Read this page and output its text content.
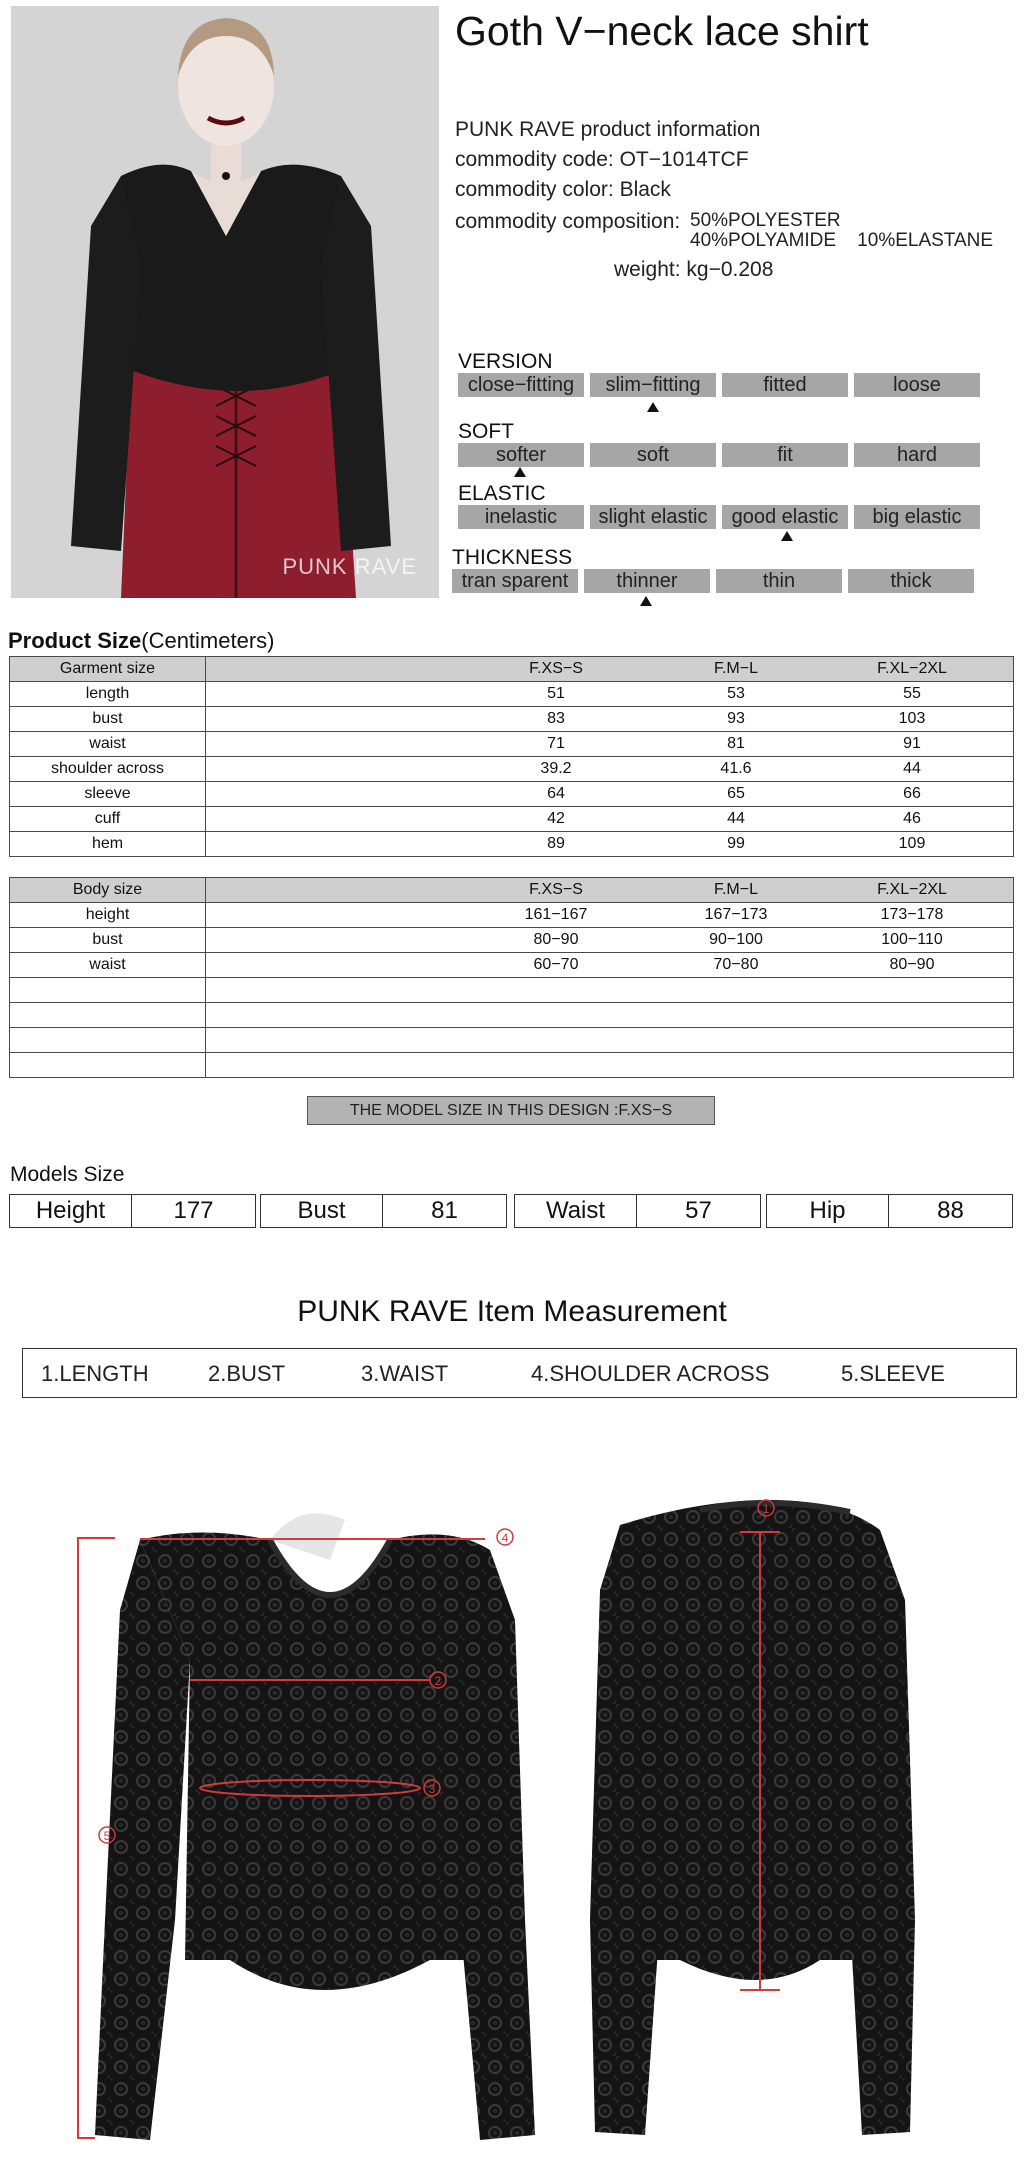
PUNK RAVE
Goth V−neck lace shirt
PUNK RAVE product information
commodity code: OT−1014TCF
commodity color: Black
commodity composition: 50%POLYESTER
40%POLYAMIDE    10%ELASTANE
weight: kg−0.208
VERSION
close−fitting	slim−fitting	fitted	loose
SOFT
softer	soft	fit	hard
ELASTIC
inelastic	slight elastic	good elastic	big elastic
THICKNESS
tran sparent	thinner	thin	thick
Product Size(Centimeters)
Garment size	F.XS−S F.M−L F.XL−2XL

length	51 53 55

bust	83 93 103

waist	71 81 91

shoulder across	39.2 41.6 44

sleeve	64 65 66

cuff	42 44 46

hem	89 99 109
Body size	F.XS−S F.M−L F.XL−2XL

height	161−167 167−173 173−178

bust	80−90 90−100 100−110

waist	60−70 70−80 80−90

THE MODEL SIZE IN THIS DESIGN :F.XS−S
Models Size
Height	177	Bust	81	Waist	57	Hip	88
PUNK RAVE Item Measurement
1.LENGTH	2.BUST	3.WAIST	4.SHOULDER ACROSS	5.SLEEVE
4
2
3
5
1
